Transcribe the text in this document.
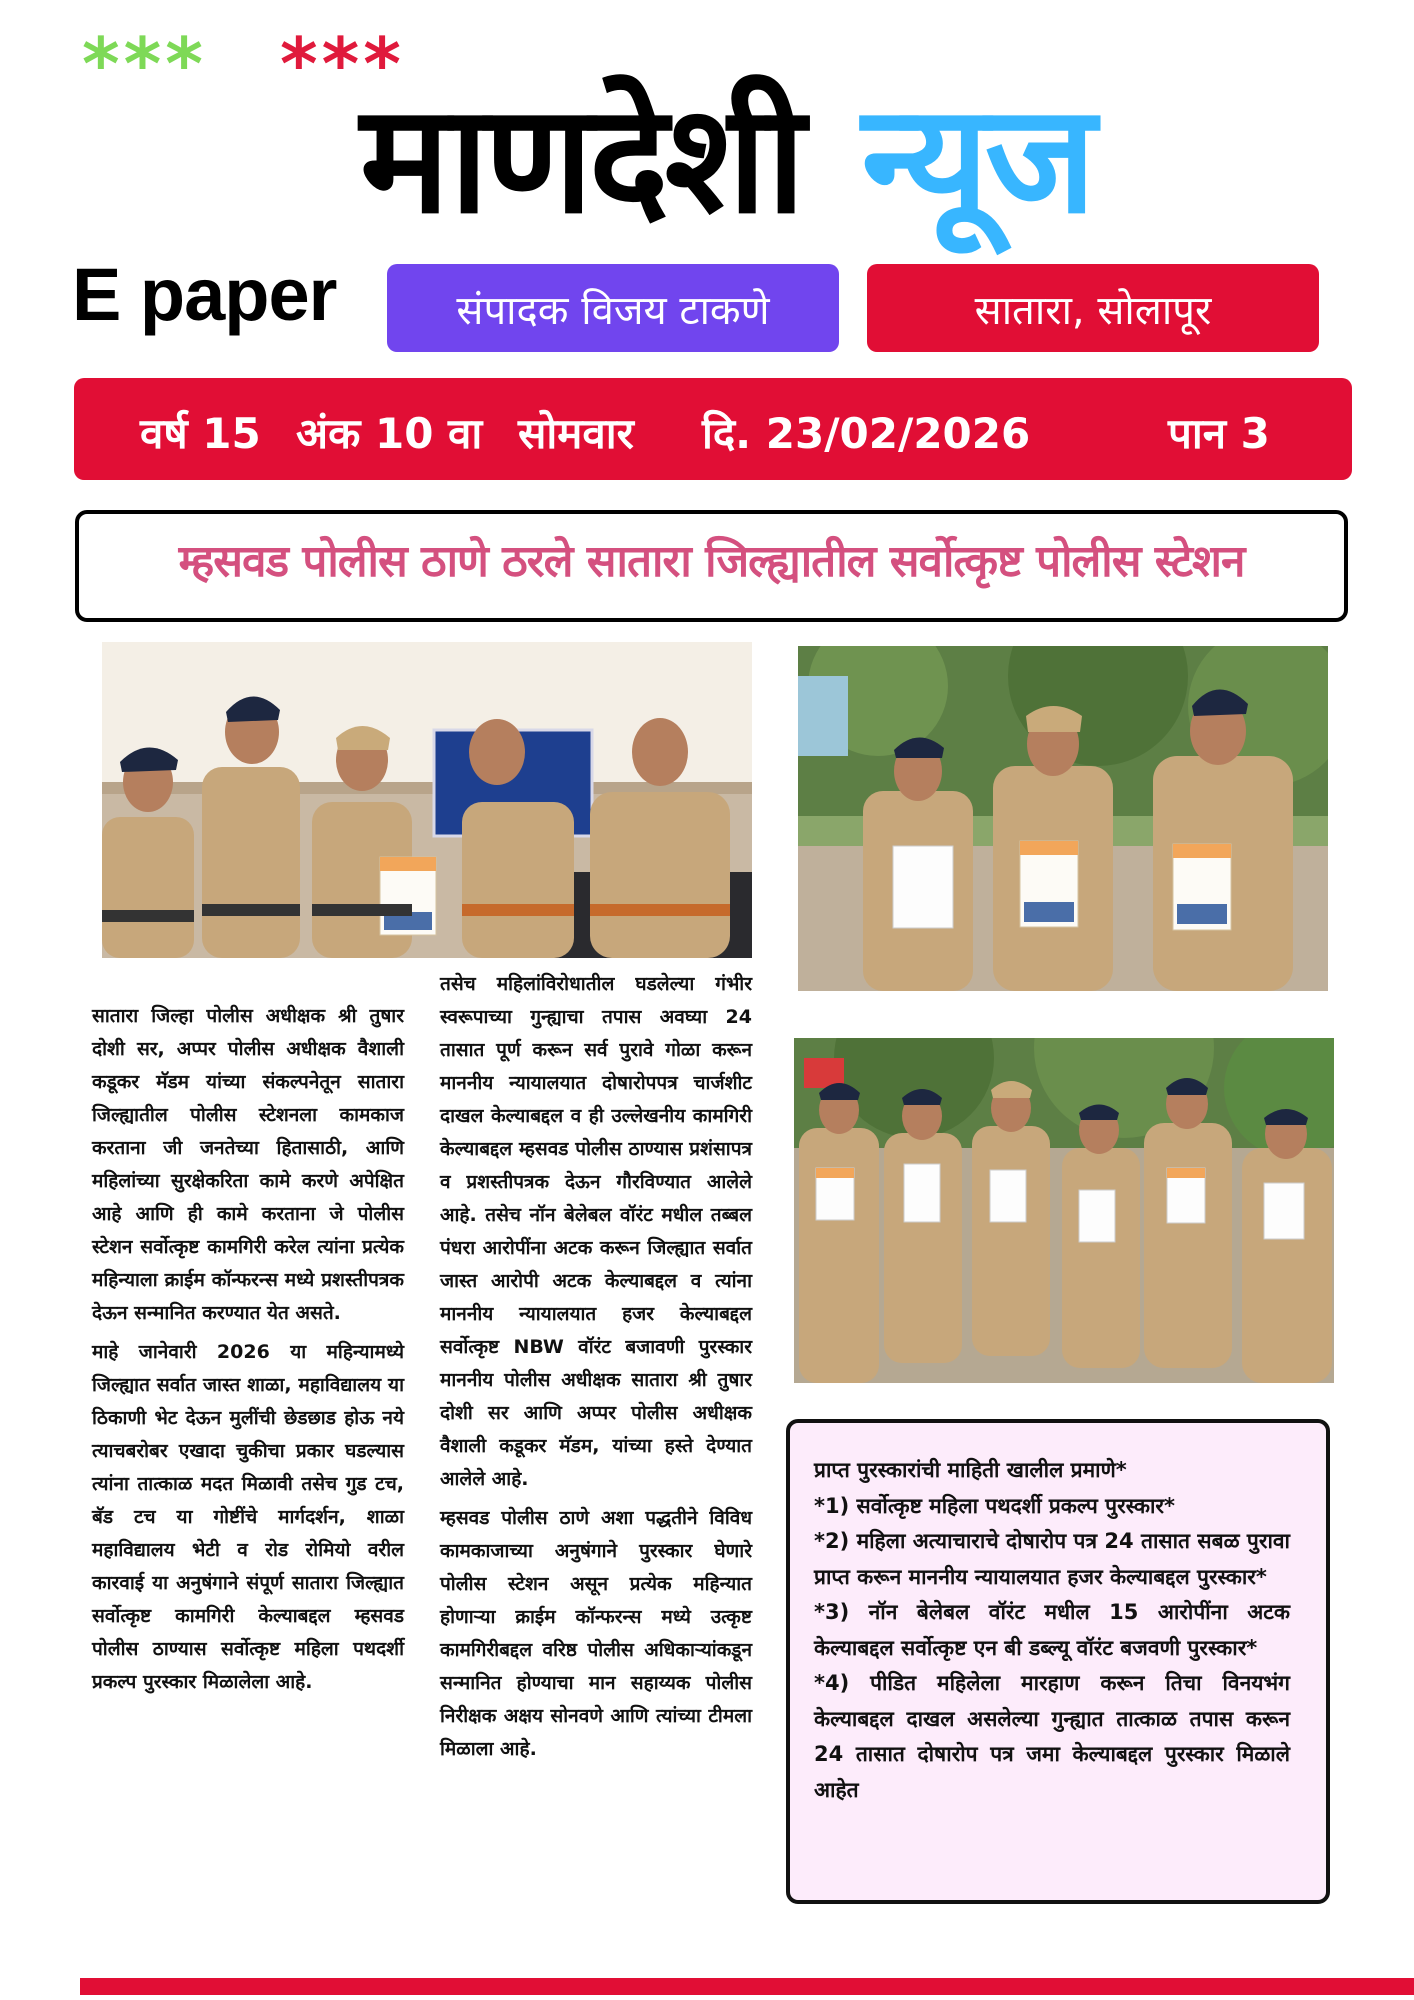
*** ***
माणदेशी न्यूज
E paper	संपादक विजय टाकणे	सातारा, सोलापूर
वर्ष 15 अंक 10 वा सोमवार दि. 23/02/2026	पान 3
म्हसवड पोलीस ठाणे ठरले सातारा जिल्ह्यातील सर्वोत्कृष्ट पोलीस स्टेशन

सातारा जिल्हा पोलीस अधीक्षक श्री तुषार दोशी सर, अप्पर पोलीस अधीक्षक वैशाली कडूकर मॅडम यांच्या संकल्पनेतून सातारा जिल्ह्यातील पोलीस स्टेशनला कामकाज करताना जी जनतेच्या हितासाठी, आणि महिलांच्या सुरक्षेकरिता कामे करणे अपेक्षित आहे आणि ही कामे करताना जे पोलीस स्टेशन सर्वोत्कृष्ट कामगिरी करेल त्यांना प्रत्येक महिन्याला क्राईम कॉन्फरन्स मध्ये प्रशस्तीपत्रक देऊन सन्मानित करण्यात येत असते.

माहे जानेवारी 2026 या महिन्यामध्ये जिल्ह्यात सर्वात जास्त शाळा, महाविद्यालय या ठिकाणी भेट देऊन मुलींची छेडछाड होऊ नये त्याचबरोबर एखादा चुकीचा प्रकार घडल्यास त्यांना तात्काळ मदत मिळावी तसेच गुड टच, बॅड टच या गोष्टींचे मार्गदर्शन, शाळा महाविद्यालय भेटी व रोड रोमियो वरील कारवाई या अनुषंगाने संपूर्ण सातारा जिल्ह्यात सर्वोत्कृष्ट कामगिरी केल्याबद्दल म्हसवड पोलीस ठाण्यास सर्वोत्कृष्ट महिला पथदर्शी प्रकल्प पुरस्कार मिळालेला आहे.

तसेच महिलांविरोधातील घडलेल्या गंभीर स्वरूपाच्या गुन्ह्याचा तपास अवघ्या 24 तासात पूर्ण करून सर्व पुरावे गोळा करून माननीय न्यायालयात दोषारोपपत्र चार्जशीट दाखल केल्याबद्दल व ही उल्लेखनीय कामगिरी केल्याबद्दल म्हसवड पोलीस ठाण्यास प्रशंसापत्र व प्रशस्तीपत्रक देऊन गौरविण्यात आलेले आहे. तसेच नॉन बेलेबल वॉरंट मधील तब्बल पंधरा आरोपींना अटक करून जिल्ह्यात सर्वात जास्त आरोपी अटक केल्याबद्दल व त्यांना माननीय न्यायालयात हजर केल्याबद्दल सर्वोत्कृष्ट NBW वॉरंट बजावणी पुरस्कार माननीय पोलीस अधीक्षक सातारा श्री तुषार दोशी सर आणि अप्पर पोलीस अधीक्षक वैशाली कडूकर मॅडम, यांच्या हस्ते देण्यात आलेले आहे.

म्हसवड पोलीस ठाणे अशा पद्धतीने विविध कामकाजाच्या अनुषंगाने पुरस्कार घेणारे पोलीस स्टेशन असून प्रत्येक महिन्यात होणाऱ्या क्राईम कॉन्फरन्स मध्ये उत्कृष्ट कामगिरीबद्दल वरिष्ठ पोलीस अधिकाऱ्यांकडून सन्मानित होण्याचा मान सहाय्यक पोलीस निरीक्षक अक्षय सोनवणे आणि त्यांच्या टीमला मिळाला आहे.

प्राप्त पुरस्कारांची माहिती खालील प्रमाणे*

*1) सर्वोत्कृष्ट महिला पथदर्शी प्रकल्प पुरस्कार*

*2) महिला अत्याचाराचे दोषारोप पत्र 24 तासात सबळ पुरावा प्राप्त करून माननीय न्यायालयात हजर केल्याबद्दल पुरस्कार*

*3) नॉन बेलेबल वॉरंट मधील 15 आरोपींना अटक केल्याबद्दल सर्वोत्कृष्ट एन बी डब्ल्यू वॉरंट बजवणी पुरस्कार*

*4) पीडित महिलेला मारहाण करून तिचा विनयभंग केल्याबद्दल दाखल असलेल्या गुन्ह्यात तात्काळ तपास करून 24 तासात दोषारोप पत्र जमा केल्याबद्दल पुरस्कार मिळाले आहेत
